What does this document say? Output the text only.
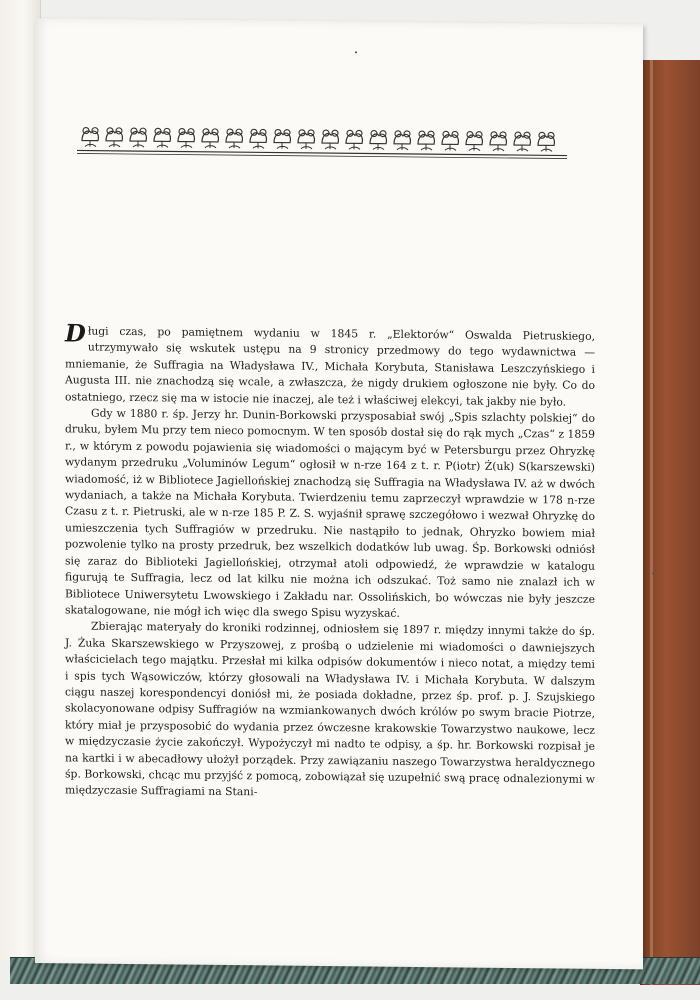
Długi czas, po pamiętnem wydaniu w 1845 r. „Elektorów“ Oswalda Pietruskiego, utrzymywało się wskutek ustępu na 9 stronicy przedmowy do tego wydawnictwa — mniemanie, że Suffragia na Władysława IV., Michała Korybuta, Stanisława Leszczyńskiego i Augusta III. nie znachodzą się wcale, a zwłaszcza, że nigdy drukiem ogłoszone nie były. Co do ostatniego, rzecz się ma w istocie nie inaczej, ale też i właściwej elekcyi, tak jakby nie było.

Gdy w 1880 r. śp. Jerzy hr. Dunin-Borkowski przysposabiał swój „Spis szlachty polskiej“ do druku, byłem Mu przy tem nieco pomocnym. W ten sposób dostał się do rąk mych „Czas“ z 1859 r., w którym z powodu pojawienia się wiadomości o mającym być w Petersburgu przez Ohryzkę wydanym przedruku „Voluminów Legum“ ogłosił w n-rze 164 z t. r. P(iotr) Ż(uk) S(karszewski) wiadomość, iż w Bibliotece Jagiellońskiej znachodzą się Suffragia na Władysława IV. aż w dwóch wydaniach, a także na Michała Korybuta. Twierdzeniu temu zaprzeczył wprawdzie w 178 n-rze Czasu z t. r. Pietruski, ale w n-rze 185 P. Z. S. wyjaśnił sprawę szczegółowo i wezwał Ohryzkę do umieszczenia tych Suffragiów w przedruku. Nie nastąpiło to jednak, Ohryzko bowiem miał pozwolenie tylko na prosty przedruk, bez wszelkich dodatków lub uwag. Śp. Borkowski odniósł się zaraz do Biblioteki Jagiellońskiej, otrzymał atoli odpowiedź, że wprawdzie w katalogu figurują te Suffragia, lecz od lat kilku nie można ich odszukać. Toż samo nie znalazł ich w Bibliotece Uniwersytetu Lwowskiego i Zakładu nar. Ossolińskich, bo wówczas nie były jeszcze skatalogowane, nie mógł ich więc dla swego Spisu wyzyskać.

Zbierając materyały do kroniki rodzinnej, odniosłem się 1897 r. między innymi także do śp. J. Żuka Skarszewskiego w Przyszowej, z prośbą o udzielenie mi wiadomości o dawniejszych właścicielach tego majątku. Przesłał mi kilka odpisów dokumentów i nieco notat, a między temi i spis tych Wąsowiczów, którzy głosowali na Władysława IV. i Michała Korybuta. W dalszym ciągu naszej korespondencyi doniósł mi, że posiada dokładne, przez śp. prof. p. J. Szujskiego skolacyonowane odpisy Suffragiów na wzmiankowanych dwóch królów po swym bracie Piotrze, który miał je przysposobić do wydania przez ówczesne krakowskie Towarzystwo naukowe, lecz w międzyczasie życie zakończył. Wypożyczył mi nadto te odpisy, a śp. hr. Borkowski rozpisał je na kartki i w abecadłowy ułożył porządek. Przy zawiązaniu naszego Towarzystwa heraldycznego śp. Borkowski, chcąc mu przyjść z pomocą, zobowiązał się uzupełnić swą pracę odnalezionymi w międzyczasie Suffragiami na Stani-
